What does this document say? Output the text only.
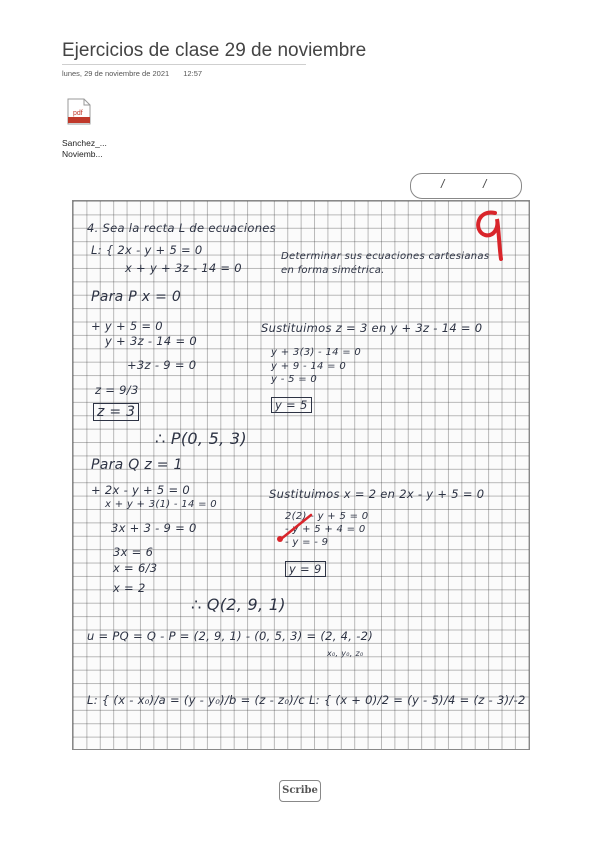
Ejercicios de clase 29 de noviembre
lunes, 29 de noviembre de 2021 12:57
pdf
Sanchez_...
Noviemb...
/	/
4. Sea la recta L de ecuaciones
L: { 2x - y + 5 = 0
x + y + 3z - 14 = 0
Determinar sus ecuaciones cartesianas
en forma simétrica.
Para P x = 0
+ y + 5 = 0
y + 3z - 14 = 0
+3z - 9 = 0
z = 9/3
z = 3
Sustituimos z = 3 en y + 3z - 14 = 0
y + 3(3) - 14 = 0
y + 9 - 14 = 0
y - 5 = 0
y = 5
∴ P(0, 5, 3)
Para Q z = 1
+ 2x - y + 5 = 0
x + y + 3(1) - 14 = 0
3x + 3 - 9 = 0
3x = 6
x = 6/3
x = 2
Sustituimos x = 2 en 2x - y + 5 = 0
2(2) - y + 5 = 0
- y + 5 + 4 = 0
- y = - 9
y = 9
∴ Q(2, 9, 1)
u = PQ = Q - P = (2, 9, 1) - (0, 5, 3) = (2, 4, -2)
x₀, y₀, z₀
L: { (x - x₀)/a = (y - y₀)/b = (z - z₀)/c L: { (x + 0)/2 = (y - 5)/4 = (z - 3)/-2
Scribe
